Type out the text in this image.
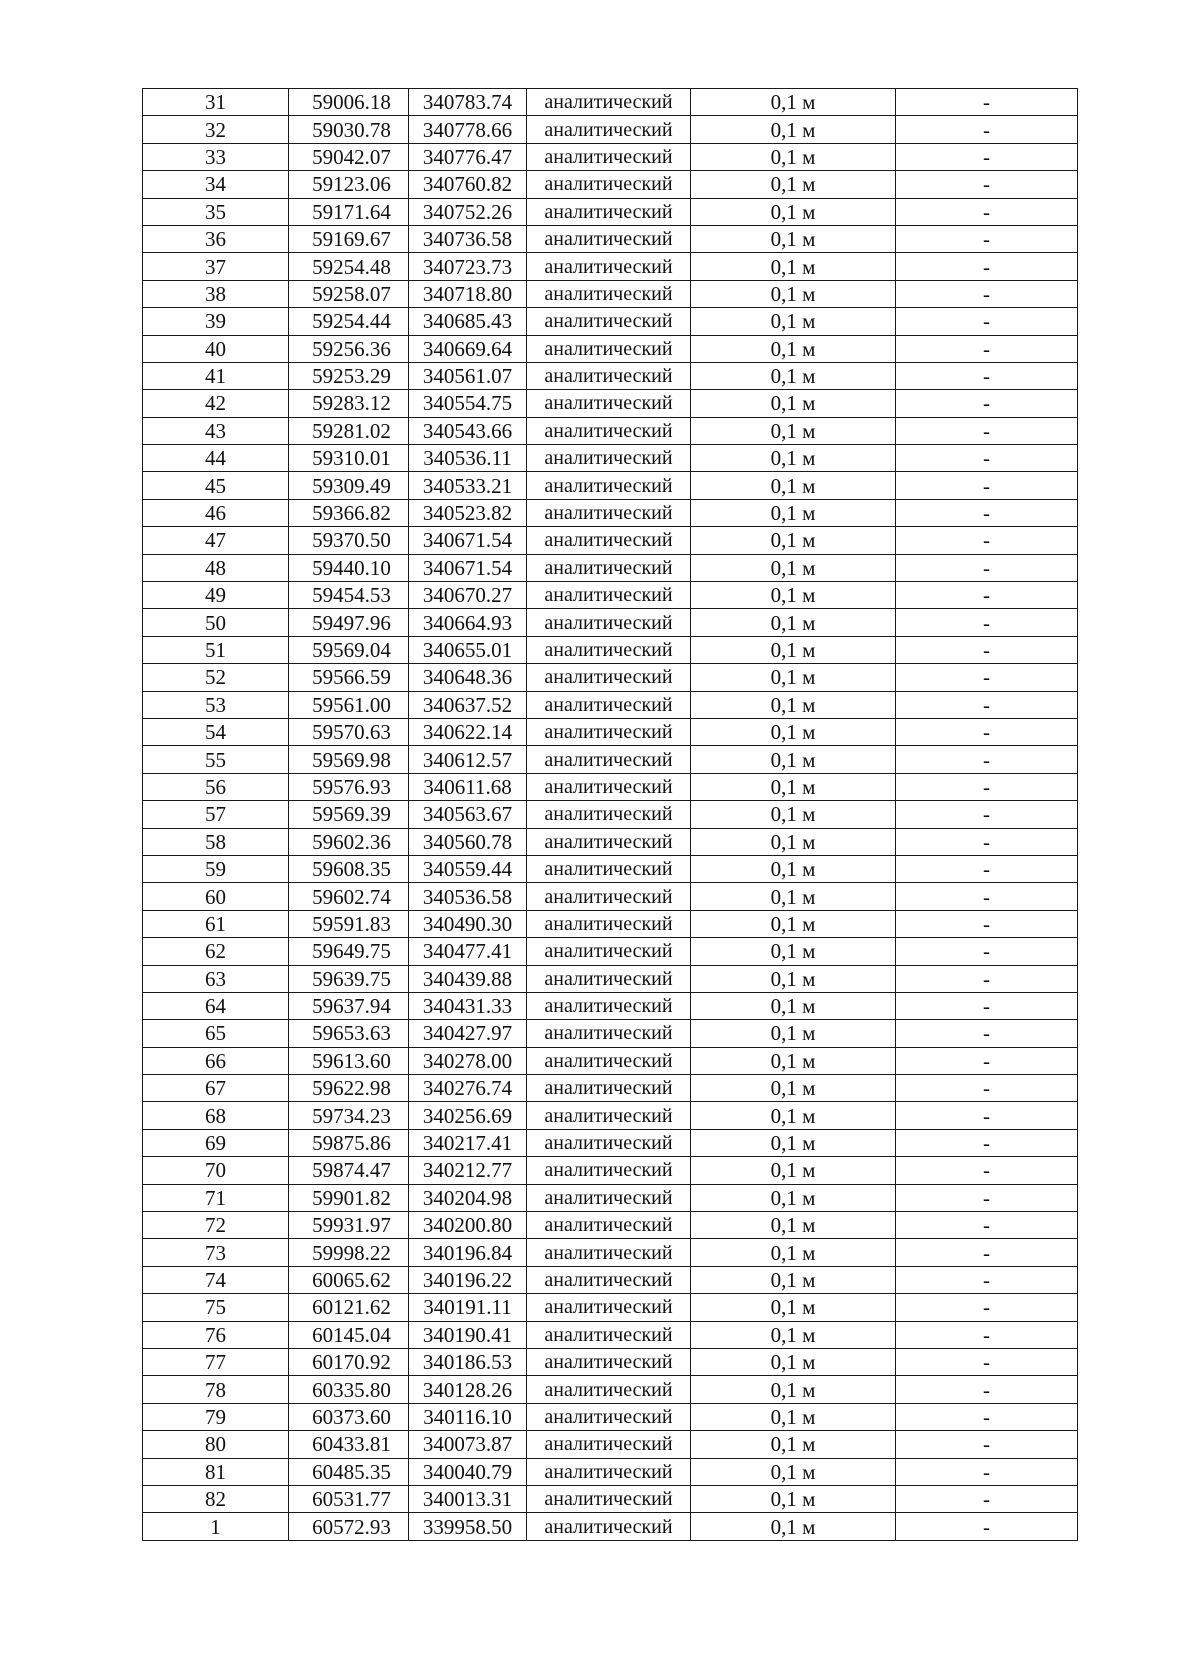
31	59006.18	340783.74	аналитический	0,1 м	-
32	59030.78	340778.66	аналитический	0,1 м	-
33	59042.07	340776.47	аналитический	0,1 м	-
34	59123.06	340760.82	аналитический	0,1 м	-
35	59171.64	340752.26	аналитический	0,1 м	-
36	59169.67	340736.58	аналитический	0,1 м	-
37	59254.48	340723.73	аналитический	0,1 м	-
38	59258.07	340718.80	аналитический	0,1 м	-
39	59254.44	340685.43	аналитический	0,1 м	-
40	59256.36	340669.64	аналитический	0,1 м	-
41	59253.29	340561.07	аналитический	0,1 м	-
42	59283.12	340554.75	аналитический	0,1 м	-
43	59281.02	340543.66	аналитический	0,1 м	-
44	59310.01	340536.11	аналитический	0,1 м	-
45	59309.49	340533.21	аналитический	0,1 м	-
46	59366.82	340523.82	аналитический	0,1 м	-
47	59370.50	340671.54	аналитический	0,1 м	-
48	59440.10	340671.54	аналитический	0,1 м	-
49	59454.53	340670.27	аналитический	0,1 м	-
50	59497.96	340664.93	аналитический	0,1 м	-
51	59569.04	340655.01	аналитический	0,1 м	-
52	59566.59	340648.36	аналитический	0,1 м	-
53	59561.00	340637.52	аналитический	0,1 м	-
54	59570.63	340622.14	аналитический	0,1 м	-
55	59569.98	340612.57	аналитический	0,1 м	-
56	59576.93	340611.68	аналитический	0,1 м	-
57	59569.39	340563.67	аналитический	0,1 м	-
58	59602.36	340560.78	аналитический	0,1 м	-
59	59608.35	340559.44	аналитический	0,1 м	-
60	59602.74	340536.58	аналитический	0,1 м	-
61	59591.83	340490.30	аналитический	0,1 м	-
62	59649.75	340477.41	аналитический	0,1 м	-
63	59639.75	340439.88	аналитический	0,1 м	-
64	59637.94	340431.33	аналитический	0,1 м	-
65	59653.63	340427.97	аналитический	0,1 м	-
66	59613.60	340278.00	аналитический	0,1 м	-
67	59622.98	340276.74	аналитический	0,1 м	-
68	59734.23	340256.69	аналитический	0,1 м	-
69	59875.86	340217.41	аналитический	0,1 м	-
70	59874.47	340212.77	аналитический	0,1 м	-
71	59901.82	340204.98	аналитический	0,1 м	-
72	59931.97	340200.80	аналитический	0,1 м	-
73	59998.22	340196.84	аналитический	0,1 м	-
74	60065.62	340196.22	аналитический	0,1 м	-
75	60121.62	340191.11	аналитический	0,1 м	-
76	60145.04	340190.41	аналитический	0,1 м	-
77	60170.92	340186.53	аналитический	0,1 м	-
78	60335.80	340128.26	аналитический	0,1 м	-
79	60373.60	340116.10	аналитический	0,1 м	-
80	60433.81	340073.87	аналитический	0,1 м	-
81	60485.35	340040.79	аналитический	0,1 м	-
82	60531.77	340013.31	аналитический	0,1 м	-
1	60572.93	339958.50	аналитический	0,1 м	-
